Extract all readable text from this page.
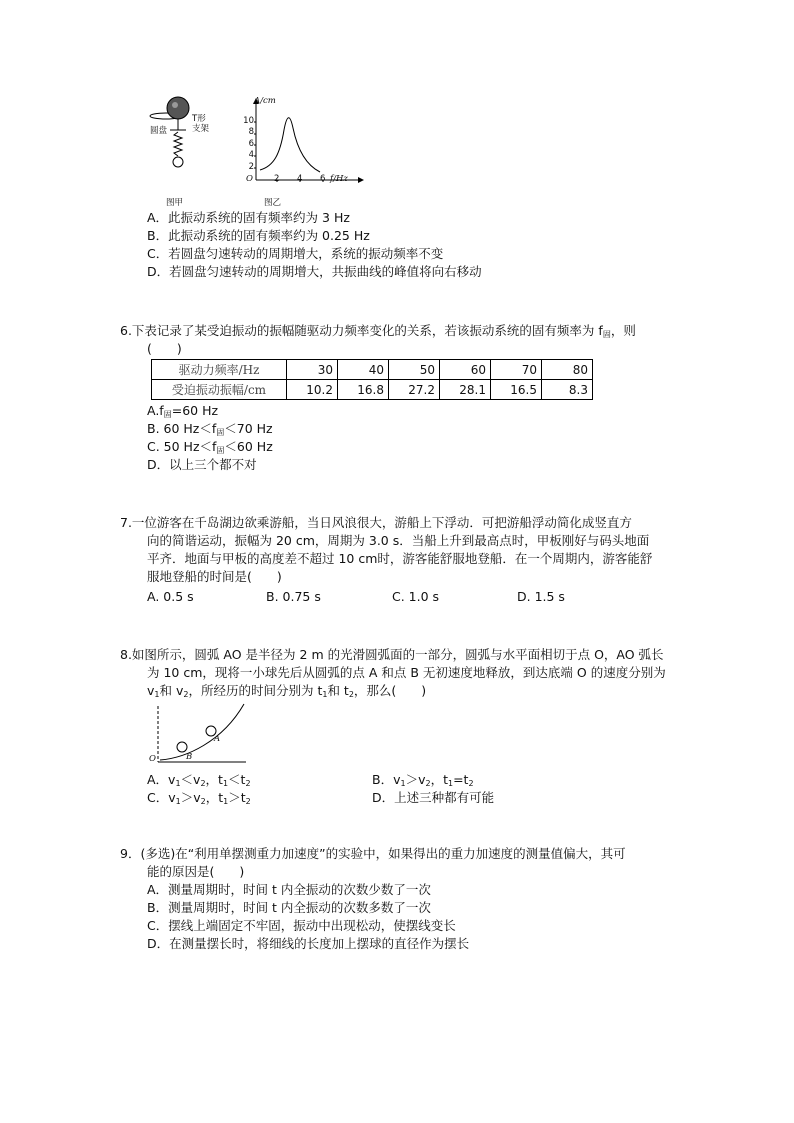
圆盘
T形
支架
图甲
A/cm
10
8
6
4
2
O 2 4 6 f/Hz
图乙
A．此振动系统的固有频率约为 3 Hz
B．此振动系统的固有频率约为 0.25 Hz
C．若圆盘匀速转动的周期增大，系统的振动频率不变
D．若圆盘匀速转动的周期增大，共振曲线的峰值将向右移动
6.下表记录了某受迫振动的振幅随驱动力频率变化的关系，若该振动系统的固有频率为 $f_固$，则
(　　)
驱动力频率/Hz	30	40	50	60	70	80
受迫振动振幅/cm	10.2	16.8	27.2	28.1	16.5	8.3
$A.f_固=60$ Hz
B. 60 $Hz<f_固<70$ Hz
C. 50 $Hz<f_固<60$ Hz
D．以上三个都不对
7.一位游客在千岛湖边欲乘游船，当日风浪很大，游船上下浮动．可把游船浮动简化成竖直方
向的简谐运动，振幅为 20 cm，周期为 3.0 s．当船上升到最高点时，甲板刚好与码头地面
平齐．地面与甲板的高度差不超过 10 cm时，游客能舒服地登船．在一个周期内，游客能舒
服地登船的时间是(　　)
A. 0.5 s	B. 0.75 s	C. 1.0 s	D. 1.5 s
8.如图所示，圆弧 AO 是半径为 2 m 的光滑圆弧面的一部分，圆弧与水平面相切于点 O，AO 弧长
为 10 cm，现将一小球先后从圆弧的点 A 和点 B 无初速度地释放，到达底端 O 的速度分别为
$v_1$和 $v_2$，所经历的时间分别为 $t_1$和 $t_2$，那么(　　)
O
A
B
A．$v_1<v_2$，$t_1<t_2$	B．$v_1>v_2$，$t_1=t_2$
C．$v_1>v_2$，$t_1>t_2$	D．上述三种都有可能
9．(多选)在“利用单摆测重力加速度”的实验中，如果得出的重力加速度的测量值偏大，其可
能的原因是(　　)
A．测量周期时，时间 t 内全振动的次数少数了一次
B．测量周期时，时间 t 内全振动的次数多数了一次
C．摆线上端固定不牢固，振动中出现松动，使摆线变长
D．在测量摆长时，将细线的长度加上摆球的直径作为摆长
